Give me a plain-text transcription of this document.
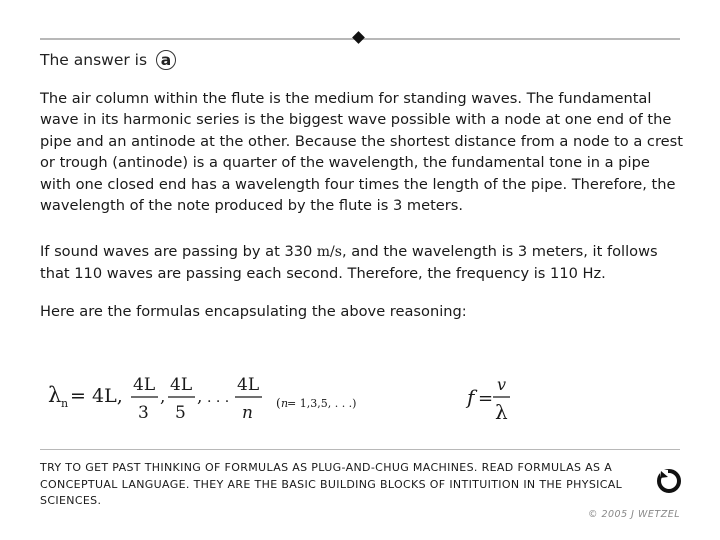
The answer is a

The air column within the flute is the medium for standing waves. The fundamental wave in its harmonic series is the biggest wave possible with a node at one end of the pipe and an antinode at the other. Because the shortest distance from a node to a crest or trough (antinode) is a quarter of the wavelength, the fundamental tone in a pipe with one closed end has a wavelength four times the length of the pipe. Therefore, the wavelength of the note produced by the flute is 3 meters.

If sound waves are passing by at 330 m/s, and the wavelength is 3 meters, it follows that 110 waves are passing each second. Therefore, the frequency is 110 Hz.

Here are the formulas encapsulating the above reasoning:

λ n = 4L, 4L
3
,
4L
5
, . . .
4L
n ( n
= 1,3,5, . . .)	f =
v
λ

TRY TO GET PAST THINKING OF FORMULAS AS PLUG-AND-CHUG MACHINES. READ FORMULAS AS A CONCEPTUAL LANGUAGE. THEY ARE THE BASIC BUILDING BLOCKS OF INTITUITION IN THE PHYSICAL SCIENCES.

© 2005 J WETZEL
